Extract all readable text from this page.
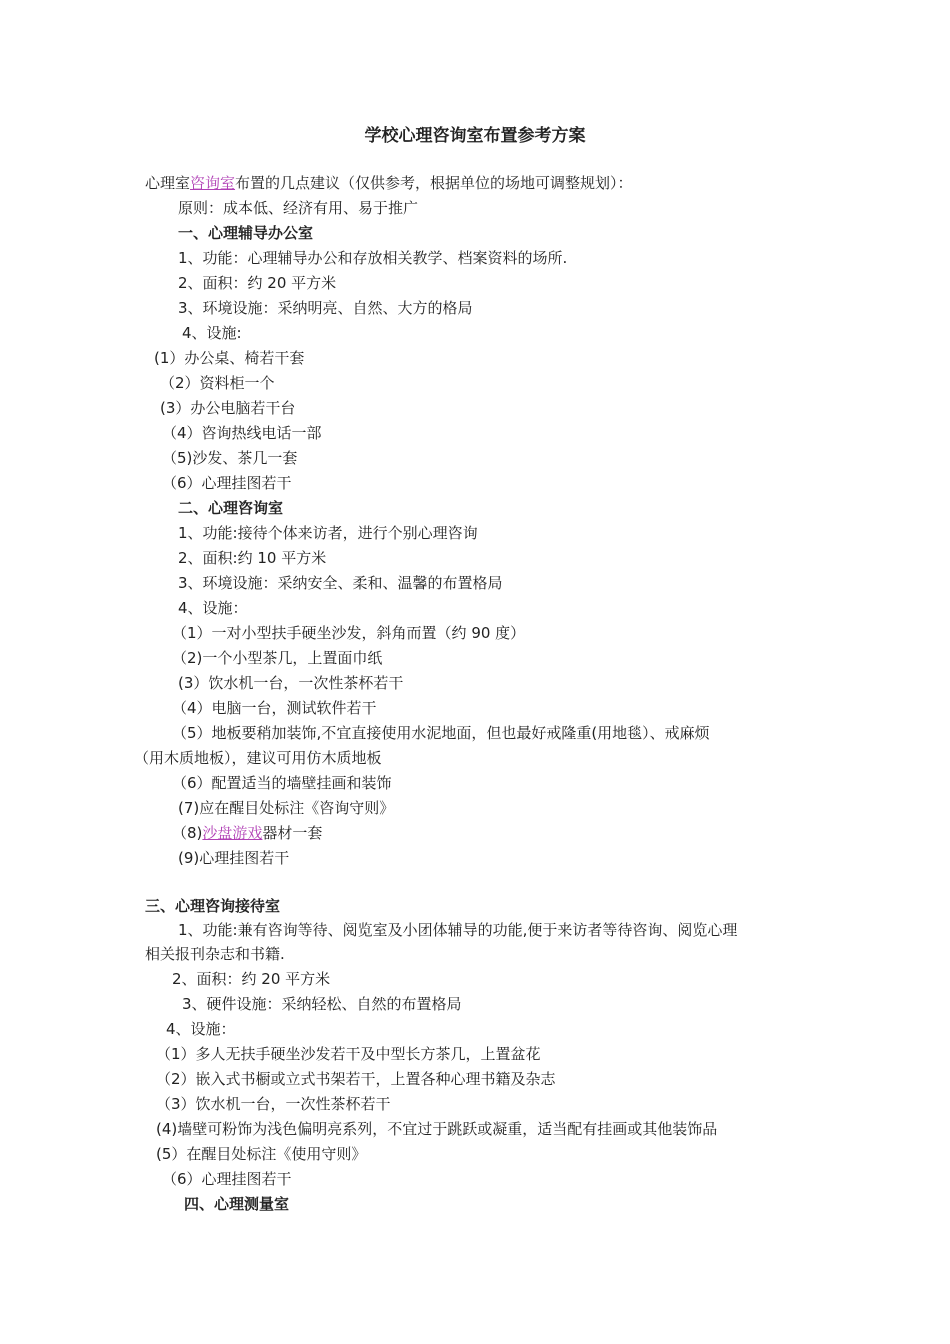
学校心理咨询室布置参考方案
心理室咨询室布置的几点建议（仅供参考，根据单位的场地可调整规划）：
原则：成本低、经济有用、易于推广
一、心理辅导办公室
1、功能：心理辅导办公和存放相关教学、档案资料的场所.
2、面积：约 20 平方米
3、环境设施：采纳明亮、自然、大方的格局
4、设施:
(1）办公桌、椅若干套
（2）资料柜一个
(3）办公电脑若干台
（4）咨询热线电话一部
（5)沙发、茶几一套
（6）心理挂图若干
二、心理咨询室
1、功能:接待个体来访者，进行个别心理咨询
2、面积:约 10 平方米
3、环境设施：采纳安全、柔和、温馨的布置格局
4、设施：
（1）一对小型扶手硬坐沙发，斜角而置（约 90 度）
（2)一个小型茶几，上置面巾纸
(3）饮水机一台，一次性茶杯若干
（4）电脑一台，测试软件若干
（5）地板要稍加装饰,不宜直接使用水泥地面，但也最好戒隆重(用地毯）、戒麻烦
（用木质地板），建议可用仿木质地板
（6）配置适当的墙壁挂画和装饰
(7)应在醒目处标注《咨询守则》
（8)沙盘游戏器材一套
(9)心理挂图若干
三、心理咨询接待室
1、功能:兼有咨询等待、阅览室及小团体辅导的功能,便于来访者等待咨询、阅览心理
相关报刊杂志和书籍.
2、面积：约 20 平方米
3、硬件设施：采纳轻松、自然的布置格局
4、设施：
（1）多人无扶手硬坐沙发若干及中型长方茶几，上置盆花
（2）嵌入式书橱或立式书架若干，上置各种心理书籍及杂志
（3）饮水机一台，一次性茶杯若干
(4)墙壁可粉饰为浅色偏明亮系列，不宜过于跳跃或凝重，适当配有挂画或其他装饰品
(5）在醒目处标注《使用守则》
（6）心理挂图若干
四、心理测量室
